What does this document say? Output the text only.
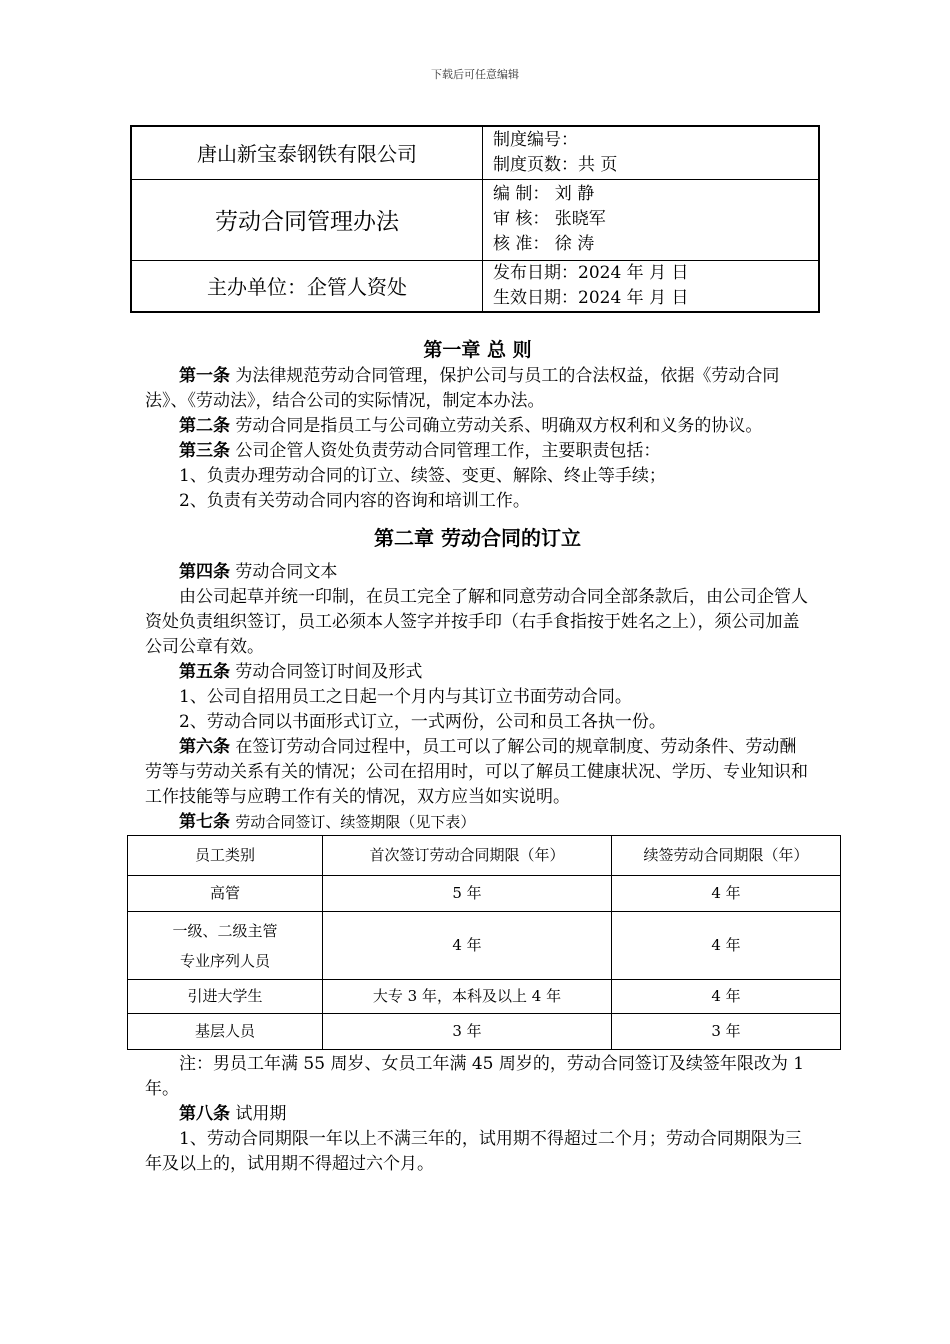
下载后可任意编辑
唐山新宝泰钢铁有限公司	制度编号：
制度页数：共 页

劳动合同管理办法	编 制： 刘 静
审 核： 张晓军
核 准： 徐 涛

主办单位：企管人资处	发布日期：2024 年 月 日
生效日期：2024 年 月 日

第一章 总 则

第一条 为法律规范劳动合同管理，保护公司与员工的合法权益，依据《劳动合同法》、《劳动法》，结合公司的实际情况，制定本办法。

第二条 劳动合同是指员工与公司确立劳动关系、明确双方权利和义务的协议。

第三条 公司企管人资处负责劳动合同管理工作，主要职责包括：

1、负责办理劳动合同的订立、续签、变更、解除、终止等手续；

2、负责有关劳动合同内容的咨询和培训工作。

第二章 劳动合同的订立

第四条 劳动合同文本

由公司起草并统一印制，在员工完全了解和同意劳动合同全部条款后，由公司企管人资处负责组织签订，员工必须本人签字并按手印（右手食指按于姓名之上），须公司加盖公司公章有效。

第五条 劳动合同签订时间及形式

1、公司自招用员工之日起一个月内与其订立书面劳动合同。

2、劳动合同以书面形式订立，一式两份，公司和员工各执一份。

第六条 在签订劳动合同过程中，员工可以了解公司的规章制度、劳动条件、劳动酬劳等与劳动关系有关的情况；公司在招用时，可以了解员工健康状况、学历、专业知识和工作技能等与应聘工作有关的情况，双方应当如实说明。

第七条 劳动合同签订、续签期限（见下表）

员工类别	首次签订劳动合同期限（年）	续签劳动合同期限（年）
高管	5 年	4 年

一级、二级主管
专业序列人员	4 年	4 年
引进大学生	大专 3 年，本科及以上 4 年	4 年
基层人员	3 年	3 年

注：男员工年满 55 周岁、女员工年满 45 周岁的，劳动合同签订及续签年限改为 1 年。

第八条 试用期

1、劳动合同期限一年以上不满三年的，试用期不得超过二个月；劳动合同期限为三年及以上的，试用期不得超过六个月。
